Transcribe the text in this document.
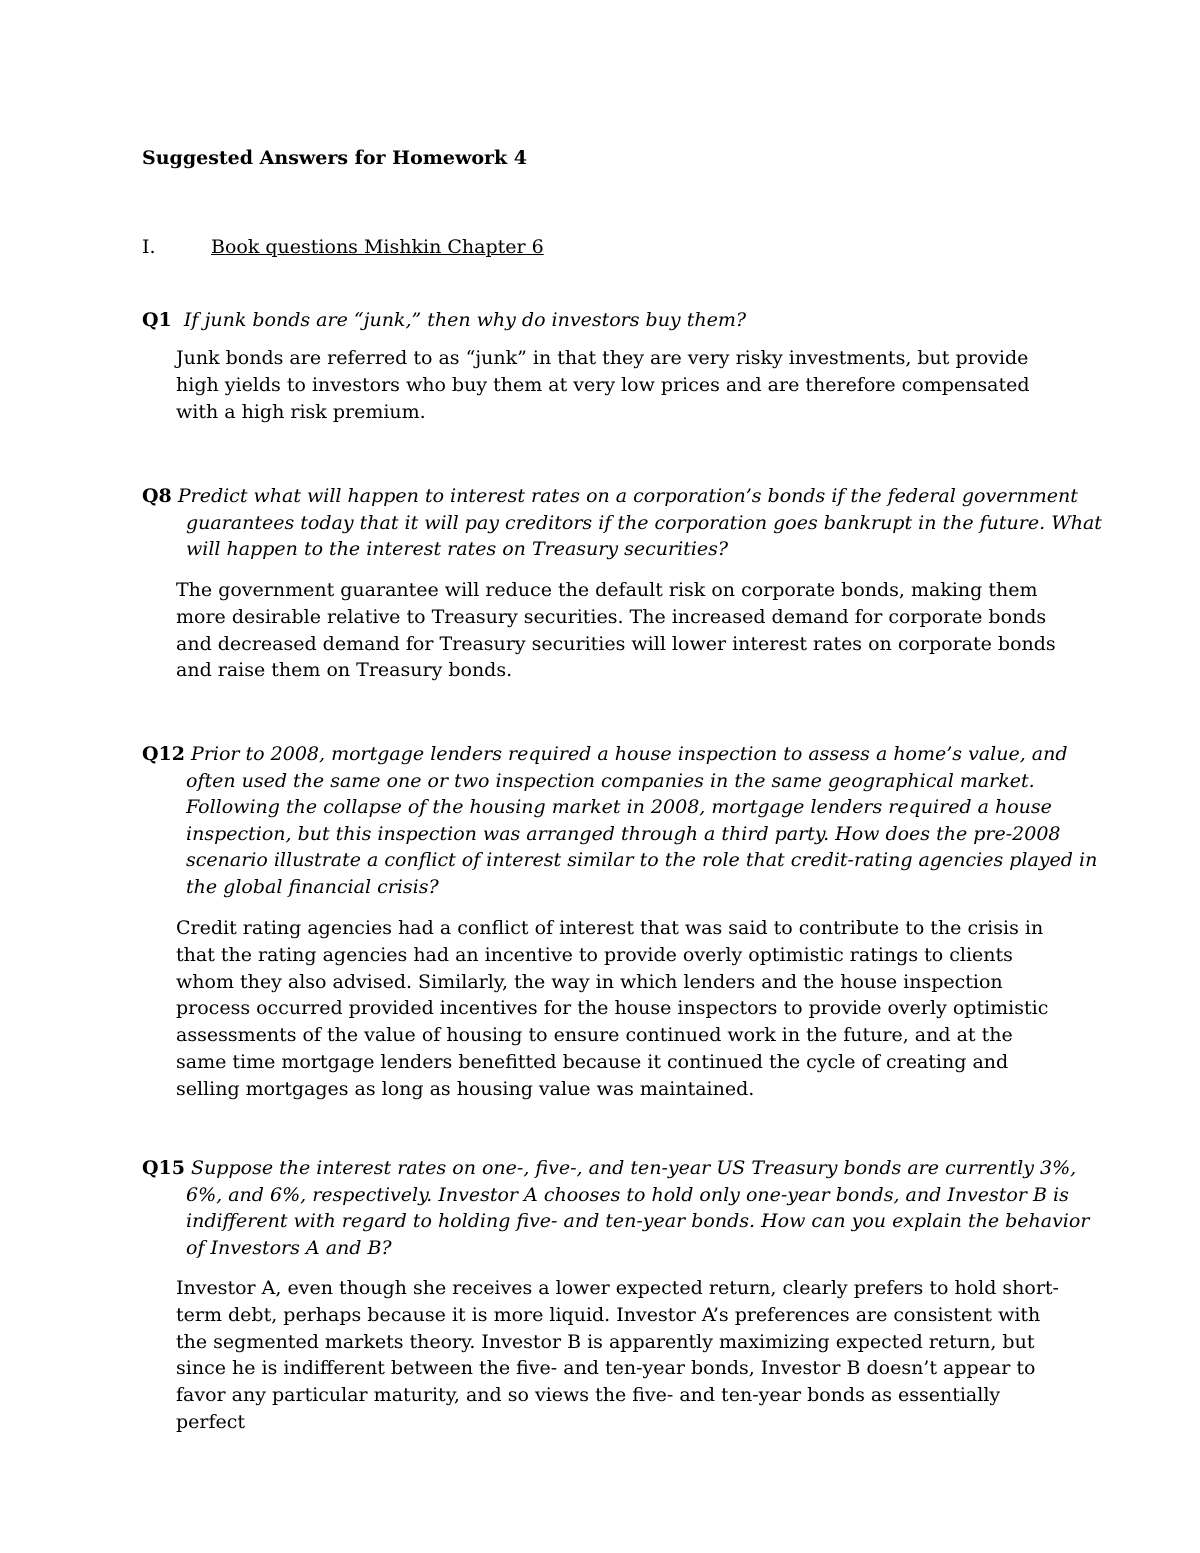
Suggested Answers for Homework 4
I.	Book questions Mishkin Chapter 6
Q1 If junk bonds are “junk,” then why do investors buy them?

Junk bonds are referred to as “junk” in that they are very risky investments, but provide high yields to investors who buy them at very low prices and are therefore compensated with a high risk premium.

Q8 Predict what will happen to interest rates on a corporation’s bonds if the federal government guarantees today that it will pay creditors if the corporation goes bankrupt in the future. What will happen to the interest rates on Treasury securities?

The government guarantee will reduce the default risk on corporate bonds, making them more desirable relative to Treasury securities. The increased demand for corporate bonds and decreased demand for Treasury securities will lower interest rates on corporate bonds and raise them on Treasury bonds.

Q12 Prior to 2008, mortgage lenders required a house inspection to assess a home’s value, and often used the same one or two inspection companies in the same geographical market. Following the collapse of the housing market in 2008, mortgage lenders required a house inspection, but this inspection was arranged through a third party. How does the pre-2008 scenario illustrate a conflict of interest similar to the role that credit-rating agencies played in the global financial crisis?

Credit rating agencies had a conflict of interest that was said to contribute to the crisis in that the rating agencies had an incentive to provide overly optimistic ratings to clients whom they also advised. Similarly, the way in which lenders and the house inspection process occurred provided incentives for the house inspectors to provide overly optimistic assessments of the value of housing to ensure continued work in the future, and at the same time mortgage lenders benefitted because it continued the cycle of creating and selling mortgages as long as housing value was maintained.

Q15 Suppose the interest rates on one-, five-, and ten-year US Treasury bonds are currently 3%, 6%, and 6%, respectively. Investor A chooses to hold only one-year bonds, and Investor B is indifferent with regard to holding five- and ten-year bonds. How can you explain the behavior of Investors A and B?

Investor A, even though she receives a lower expected return, clearly prefers to hold short-term debt, perhaps because it is more liquid. Investor A’s preferences are consistent with the segmented markets theory. Investor B is apparently maximizing expected return, but since he is indifferent between the five- and ten-year bonds, Investor B doesn’t appear to favor any particular maturity, and so views the five- and ten-year bonds as essentially perfect
